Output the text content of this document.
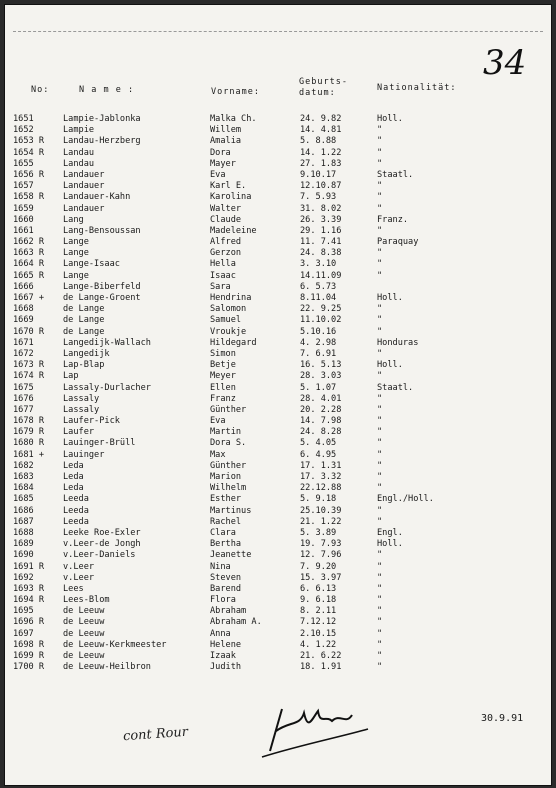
34
No:	N a m e :	Vorname:
Geburts-
datum:	Nationalität:
1651	Lampie-Jablonka	Malka Ch.	24. 9.82	Holl.
1652	Lampie	Willem	14. 4.81	"
1653 R	Landau-Herzberg	Amalia	5. 8.88	"
1654 R	Landau	Dora	14. 1.22	"
1655	Landau	Mayer	27. 1.83	"
1656 R	Landauer	Eva	9.10.17	Staatl.
1657	Landauer	Karl E.	12.10.87	"
1658 R	Landauer-Kahn	Karolina	7. 5.93	"
1659	Landauer	Walter	31. 8.02	"
1660	Lang	Claude	26. 3.39	Franz.
1661	Lang-Bensoussan	Madeleine	29. 1.16	"
1662 R	Lange	Alfred	11. 7.41	Paraquay
1663 R	Lange	Gerzon	24. 8.38	"
1664 R	Lange-Isaac	Hella	3. 3.10	"
1665 R	Lange	Isaac	14.11.09	"
1666	Lange-Biberfeld	Sara	6. 5.73
1667 +	de Lange-Groent	Hendrina	8.11.04	Holl.
1668	de Lange	Salomon	22. 9.25	"
1669	de Lange	Samuel	11.10.02	"
1670 R	de Lange	Vroukje	5.10.16	"
1671	Langedijk-Wallach	Hildegard	4. 2.98	Honduras
1672	Langedijk	Simon	7. 6.91	"
1673 R	Lap-Blap	Betje	16. 5.13	Holl.
1674 R	Lap	Meyer	28. 3.03	"
1675	Lassaly-Durlacher	Ellen	5. 1.07	Staatl.
1676	Lassaly	Franz	28. 4.01	"
1677	Lassaly	Günther	20. 2.28	"
1678 R	Laufer-Pick	Eva	14. 7.98	"
1679 R	Laufer	Martin	24. 8.28	"
1680 R	Lauinger-Brüll	Dora S.	5. 4.05	"
1681 +	Lauinger	Max	6. 4.95	"
1682	Leda	Günther	17. 1.31	"
1683	Leda	Marion	17. 3.32	"
1684	Leda	Wilhelm	22.12.88	"
1685	Leeda	Esther	5. 9.18	Engl./Holl.
1686	Leeda	Martinus	25.10.39	"
1687	Leeda	Rachel	21. 1.22	"
1688	Leeke Roe-Exler	Clara	5. 3.89	Engl.
1689	v.Leer-de Jongh	Bertha	19. 7.93	Holl.
1690	v.Leer-Daniels	Jeanette	12. 7.96	"
1691 R	v.Leer	Nina	7. 9.20	"
1692	v.Leer	Steven	15. 3.97	"
1693 R	Lees	Barend	6. 6.13	"
1694 R	Lees-Blom	Flora	9. 6.18	"
1695	de Leeuw	Abraham	8. 2.11	"
1696 R	de Leeuw	Abraham A.	7.12.12	"
1697	de Leeuw	Anna	2.10.15	"
1698 R	de Leeuw-Kerkmeester	Helene	4. 1.22	"
1699 R	de Leeuw	Izaak	21. 6.22	"
1700 R	de Leeuw-Heilbron	Judith	18. 1.91	"
cont Rour
30.9.91
